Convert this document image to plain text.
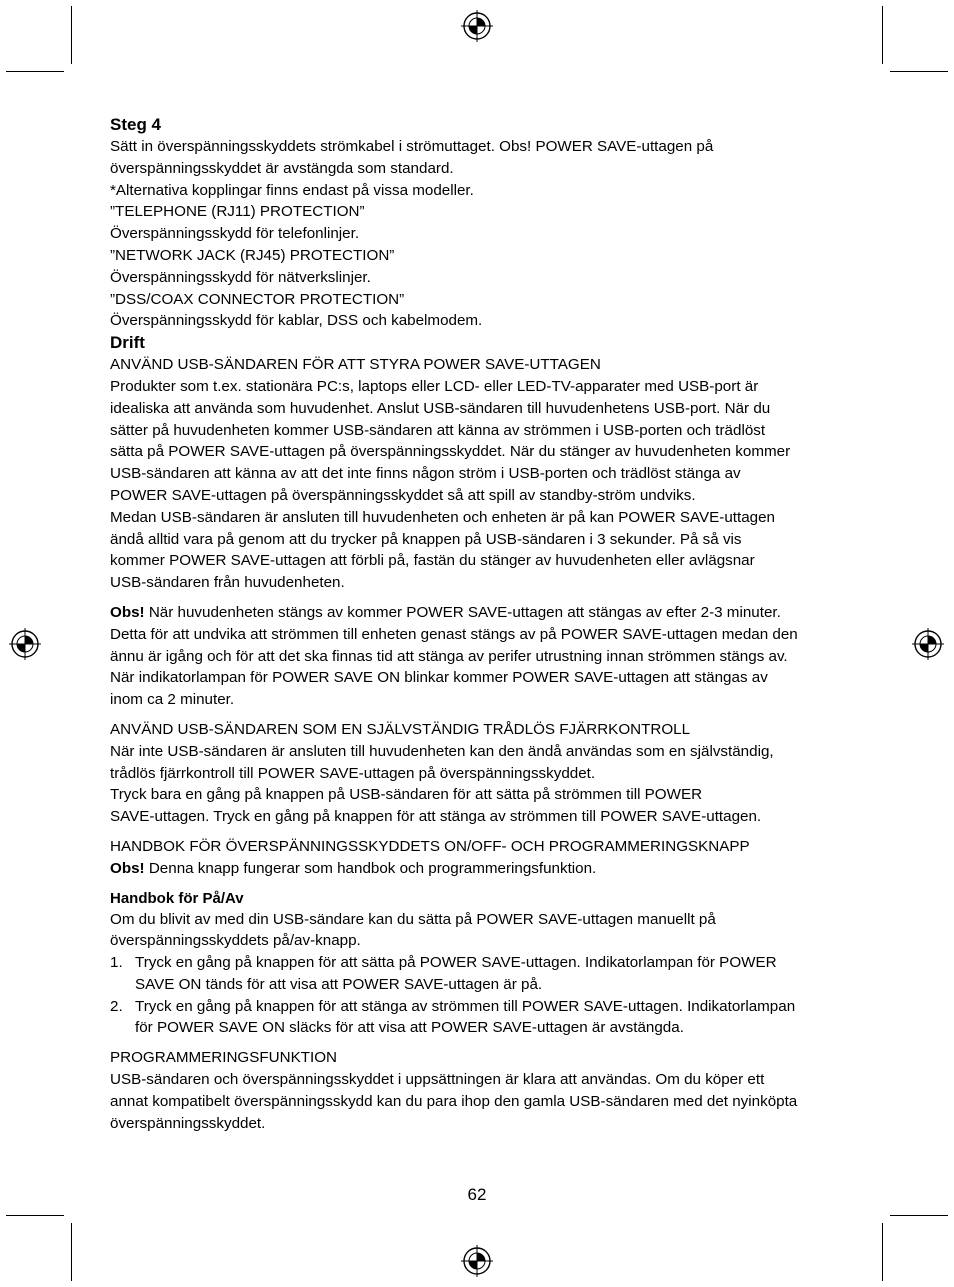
Steg 4

Sätt in överspänningsskyddets strömkabel i strömuttaget. Obs! POWER SAVE-uttagen på

överspänningsskyddet är avstängda som standard.

*Alternativa kopplingar finns endast på vissa modeller.

”TELEPHONE (RJ11) PROTECTION”

Överspänningsskydd för telefonlinjer.

”NETWORK JACK (RJ45) PROTECTION”

Överspänningsskydd för nätverkslinjer.

”DSS/COAX CONNECTOR PROTECTION”

Överspänningsskydd för kablar, DSS och kabelmodem.

Drift

ANVÄND USB-SÄNDAREN FÖR ATT STYRA POWER SAVE-UTTAGEN

Produkter som t.ex. stationära PC:s, laptops eller LCD- eller LED-TV-apparater med USB-port är

idealiska att använda som huvudenhet. Anslut USB-sändaren till huvudenhetens USB-port. När du

sätter på huvudenheten kommer USB-sändaren att känna av strömmen i USB-porten och trädlöst

sätta på POWER SAVE-uttagen på överspänningsskyddet. När du stänger av huvudenheten kommer

USB-sändaren att känna av att det inte finns någon ström i USB-porten och trädlöst stänga av

POWER SAVE-uttagen på överspänningsskyddet så att spill av standby-ström undviks.

Medan USB-sändaren är ansluten till huvudenheten och enheten är på kan POWER SAVE-uttagen

ändå alltid vara på genom att du trycker på knappen på USB-sändaren i 3 sekunder. På så vis

kommer POWER SAVE-uttagen att förbli på, fastän du stänger av huvudenheten eller avlägsnar

USB-sändaren från huvudenheten.

Obs! När huvudenheten stängs av kommer POWER SAVE-uttagen att stängas av efter 2-3 minuter.

Detta för att undvika att strömmen till enheten genast stängs av på POWER SAVE-uttagen medan den

ännu är igång och för att det ska finnas tid att stänga av perifer utrustning innan strömmen stängs av.

När indikatorlampan för POWER SAVE ON blinkar kommer POWER SAVE-uttagen att stängas av

inom ca 2 minuter.

ANVÄND USB-SÄNDAREN SOM EN SJÄLVSTÄNDIG TRÅDLÖS FJÄRRKONTROLL

När inte USB-sändaren är ansluten till huvudenheten kan den ändå användas som en självständig,

trådlös fjärrkontroll till POWER SAVE-uttagen på överspänningsskyddet.

Tryck bara en gång på knappen på USB-sändaren för att sätta på strömmen till POWER

SAVE-uttagen. Tryck en gång på knappen för att stänga av strömmen till POWER SAVE-uttagen.

HANDBOK FÖR ÖVERSPÄNNINGSSKYDDETS ON/OFF- OCH PROGRAMMERINGSKNAPP

Obs! Denna knapp fungerar som handbok och programmeringsfunktion.

Handbok för På/Av

Om du blivit av med din USB-sändare kan du sätta på POWER SAVE-uttagen manuellt på

överspänningsskyddets på/av-knapp.

1. Tryck en gång på knappen för att sätta på POWER SAVE-uttagen. Indikatorlampan för POWER
SAVE ON tänds för att visa att POWER SAVE-uttagen är på.
2. Tryck en gång på knappen för att stänga av strömmen till POWER SAVE-uttagen. Indikatorlampan
för POWER SAVE ON släcks för att visa att POWER SAVE-uttagen är avstängda.

PROGRAMMERINGSFUNKTION

USB-sändaren och överspänningsskyddet i uppsättningen är klara att användas. Om du köper ett

annat kompatibelt överspänningsskydd kan du para ihop den gamla USB-sändaren med det nyinköpta

överspänningsskyddet.

62
